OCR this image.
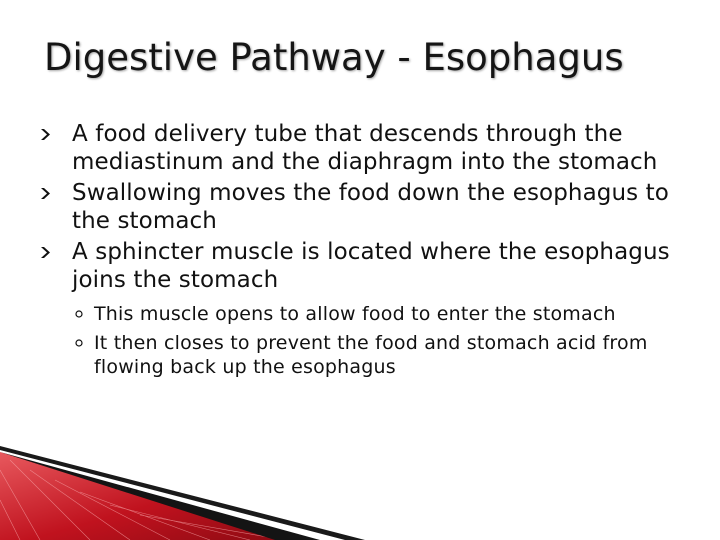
Digestive Pathway - Esophagus
A food delivery tube that descends through the mediastinum and the diaphragm into the stomach
Swallowing moves the food down the esophagus to the stomach
A sphincter muscle is located where the esophagus joins the stomach
This muscle opens to allow food to enter the stomach
It then closes to prevent the food and stomach acid from flowing back up the esophagus
